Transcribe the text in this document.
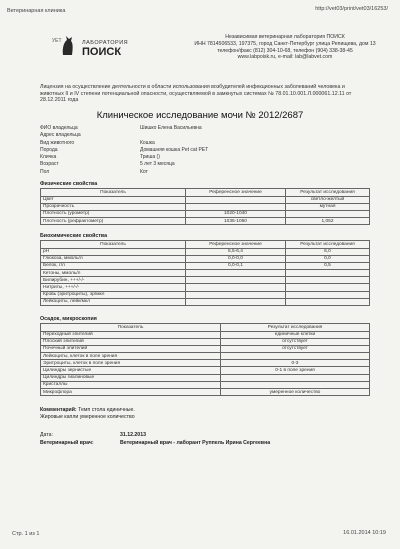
Ветеринарная клиника	http://vet03/print/vet03/16253/
УЕТ	ЛАБОРАТОРИЯ
ПОИСК
Независимая ветеринарная лаборатория ПОИСК
ИНН 7814506533, 197375, город Санкт-Петербург улица Репищева, дом 13
телефон/факс (812) 304-10-68, телефон (904) 338-38-45
www.labpoisk.ru, e-mail: lab@labvet.com
Лицензия на осуществление деятельности в области использования возбудителей инфекционных заболеваний человека и животных II и IV степени потенциальной опасности, осуществляемой в замкнутых системах № 78.01.10.001.Л.000061.12.11 от 28.12.2011 года
Клиническое исследование мочи № 2012/2687
ФИО владельца	Шишко Елена Васильевна
Адрес владельца
Вид животного	Кошка
Порода	Домашняя кошка Pet cat PET
Кличка	Триша ()
Возраст	5 лет 3 месяца
Пол	Кот
Физические свойства
Показатель	Референсное значение	Результат исследования
Цвет		светло-желтый
Прозрачность		мутная
Плотность (урометр)	1020-1040	
Плотность (рефрактометр)	1035-1060	1,052
Биохимические свойства
Показатель	Референсное значение	Результат исследования
pH	5,5-6,4	6,0
Глюкоза, ммоль/л	0,0-0,0	0,0
Белок, г/л	0,0-0,1	0,5
Кетоны, ммоль/л		
Билирубин, +++/-/-		
Нитриты, +++/-/-		
Кровь (эритроциты), эр/мкл		
Лейкоциты, лейк/мкл		
Осадок, микроскопия
Показатель	Результат исследования
Переходный эпителий	единичные клетки
Плоский эпителий	отсутствует
Почечный эпителий	отсутствует
Лейкоциты, клеток в поле зрения	
Эритроциты, клеток в поле зрения	0-3
Цилиндры зернистые	0-1 в поле зрения
Цилиндры гиалиновые	
Кристаллы	
Микрофлора	умеренное количество
Комментарий: Темп стола единичные.
Жировые капли умеренное количество
Дата:	31.12.2013
Ветеринарный врач:	Ветеринарный врач - лаборант Руппель Ирина Сергеевна
Стр. 1 из 1	16.01.2014 10:19
